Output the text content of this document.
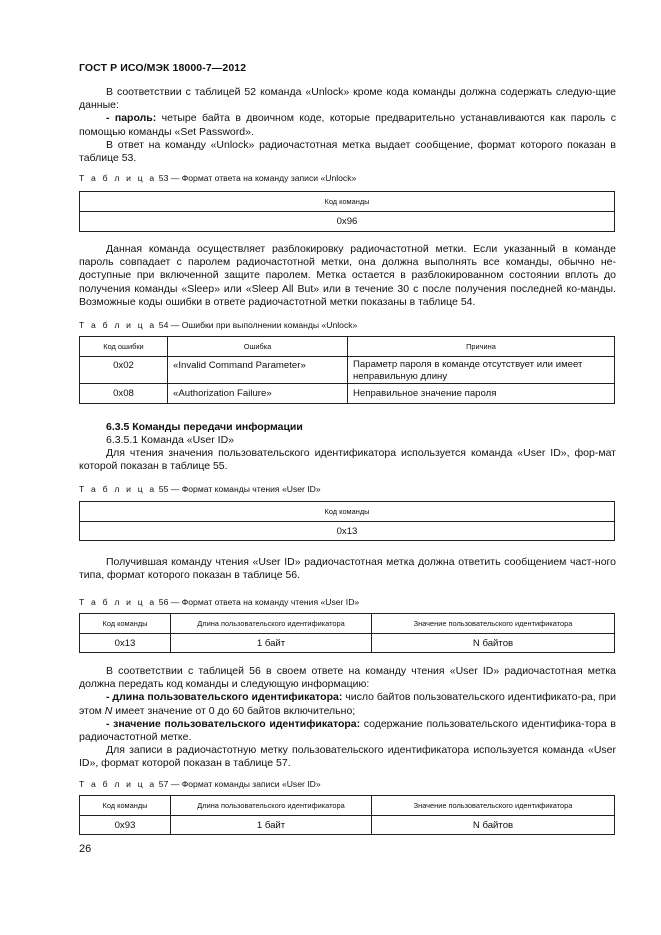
ГОСТ Р ИСО/МЭК 18000-7—2012

В соответствии с таблицей 52 команда «Unlock» кроме кода команды должна содержать следую-щие данные:

- пароль: четыре байта в двоичном коде, которые предварительно устанавливаются как пароль с помощью команды «Set Password».

В ответ на команду «Unlock» радиочастотная метка выдает сообщение, формат которого показан в таблице 53.

Т а б л и ц а 53 — Формат ответа на команду записи «Unlock»
Код команды
0x96

Данная команда осуществляет разблокировку радиочастотной метки. Если указанный в команде пароль совпадает с паролем радиочастотной метки, она должна выполнять все команды, обычно не-доступные при включенной защите паролем. Метка остается в разблокированном состоянии вплоть до получения команды «Sleep» или «Sleep All But» или в течение 30 с после получения последней ко-манды. Возможные коды ошибки в ответе радиочастотной метки показаны в таблице 54.

Т а б л и ц а 54 — Ошибки при выполнении команды «Unlock»
Код ошибки	Ошибка	Причина
0x02	«Invalid Command Parameter»	Параметр пароля в команде отсутствует или имеет неправильную длину
0x08	«Authorization Failure»	Неправильное значение пароля
6.3.5 Команды передачи информации
6.3.5.1 Команда «User ID»

Для чтения значения пользовательского идентификатора используется команда «User ID», фор-мат которой показан в таблице 55.

Т а б л и ц а 55 — Формат команды чтения «User ID»
Код команды
0x13

Получившая команду чтения «User ID» радиочастотная метка должна ответить сообщением част-ного типа, формат которого показан в таблице 56.

Т а б л и ц а 56 — Формат ответа на команду чтения «User ID»
Код команды	Длина пользовательского идентификатора	Значение пользовательского идентификатора
0x13	1 байт	N байтов

В соответствии с таблицей 56 в своем ответе на команду чтения «User ID» радиочастотная метка должна передать код команды и следующую информацию:

- длина пользовательского идентификатора: число байтов пользовательского идентификато-ра, при этом N имеет значение от 0 до 60 байтов включительно;

- значение пользовательского идентификатора: содержание пользовательского идентифика-тора в радиочастотной метке.

Для записи в радиочастотную метку пользовательского идентификатора используется команда «User ID», формат которой показан в таблице 57.

Т а б л и ц а 57 — Формат команды записи «User ID»
Код команды	Длина пользовательского идентификатора	Значение пользовательского идентификатора
0x93	1 байт	N байтов
26
